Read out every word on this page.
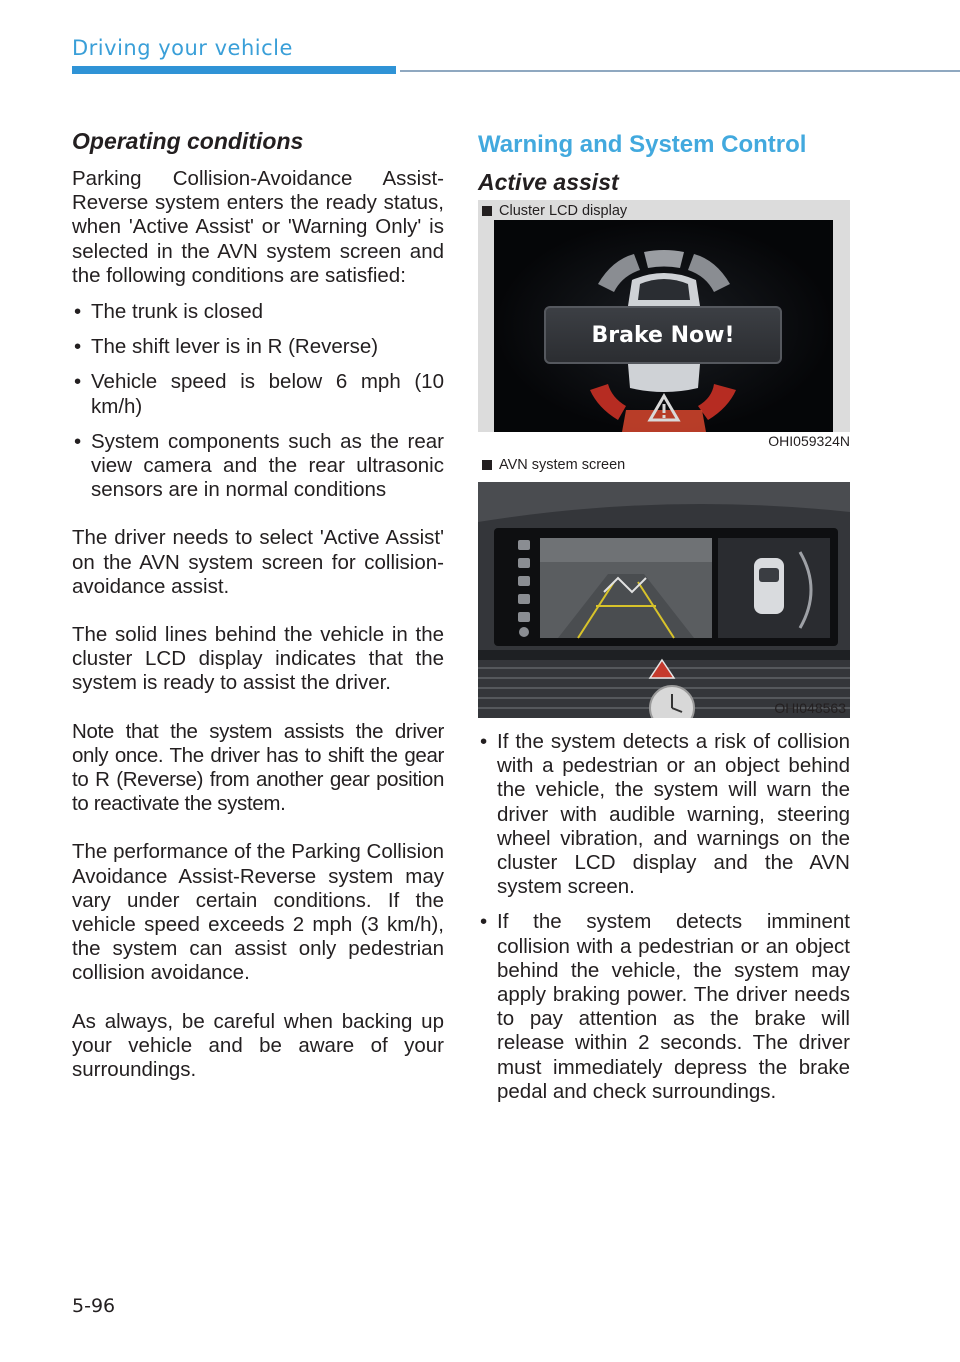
Driving your vehicle
Operating conditions

Parking Collision-Avoidance Assist-Reverse system enters the ready status, when 'Active Assist' or 'Warning Only' is selected in the AVN system screen and the following conditions are satisfied:

• The trunk is closed
• The shift lever is in R (Reverse)
• Vehicle speed is below 6 mph (10 km/h)
• System components such as the rear view camera and the rear ultrasonic sensors are in normal conditions

The driver needs to select 'Active Assist' on the AVN system screen for collision-avoidance assist.

The solid lines behind the vehicle in the cluster LCD display indicates that the system is ready to assist the driver.

Note that the system assists the driver only once. The driver has to shift the gear to R (Reverse) from another gear position to reactivate the system.

The performance of the Parking Collision Avoidance Assist-Reverse system may vary under certain conditions. If the vehicle speed exceeds 2 mph (3 km/h), the system can assist only pedestrian collision avoidance.

As always, be careful when backing up your vehicle and be aware of your surroundings.

Warning and System Control
Active assist
Cluster LCD display
Brake Now!
OHI059324N
AVN system screen
OHI048563
• If the system detects a risk of collision with a pedestrian or an object behind the vehicle, the system will warn the driver with audible warning, steering wheel vibration, and warnings on the cluster LCD display and the AVN system screen.
• If the system detects imminent collision with a pedestrian or an object behind the vehicle, the system may apply braking power. The driver needs to pay attention as the brake will release within 2 seconds. The driver must immediately depress the brake pedal and check surroundings.
5-96
